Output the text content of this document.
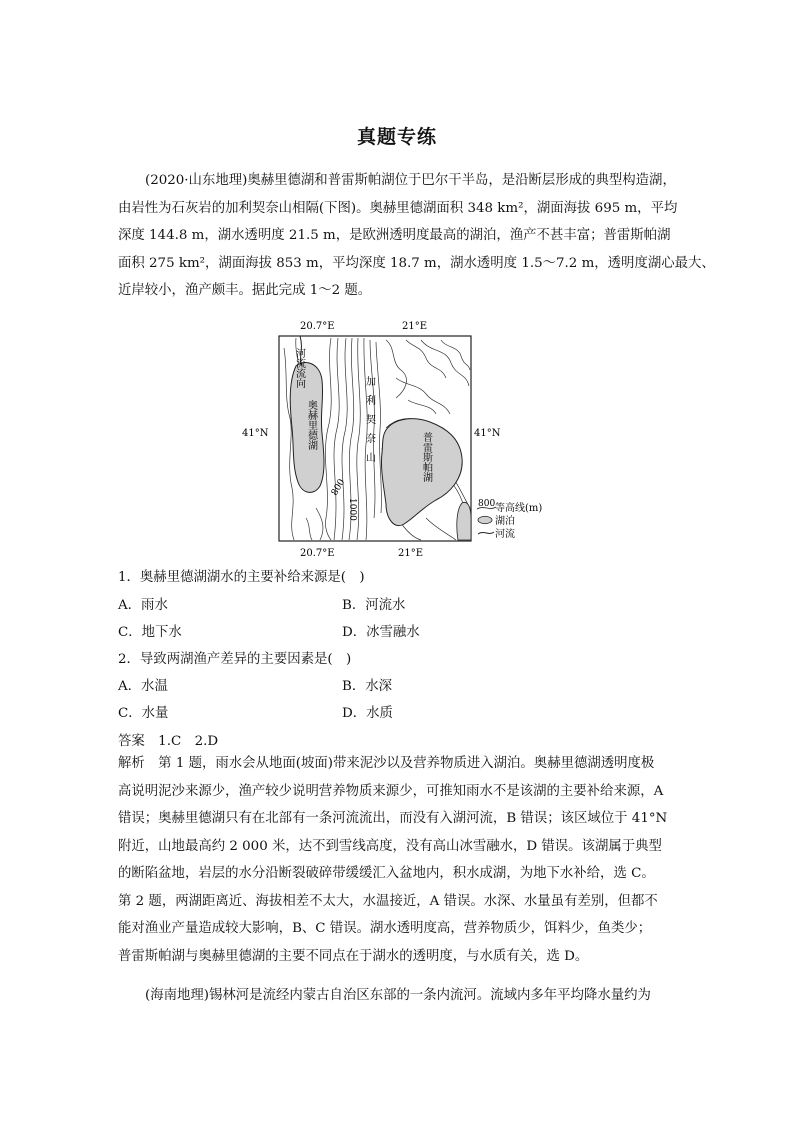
真题专练
(2020·山东地理)奥赫里德湖和普雷斯帕湖位于巴尔干半岛，是沿断层形成的典型构造湖，
由岩性为石灰岩的加利契奈山相隔(下图)。奥赫里德湖面积 348 km²，湖面海拔 695 m，平均
深度 144.8 m，湖水透明度 21.5 m，是欧洲透明度最高的湖泊，渔产不甚丰富；普雷斯帕湖
面积 275 km²，湖面海拔 853 m，平均深度 18.7 m，湖水透明度 1.5～7.2 m，透明度湖心最大、
近岸较小，渔产颇丰。据此完成 1～2 题。
20.7°E	21°E
河流流向
奥赫里德湖
普雷斯帕湖
加利契奈山
800
1000
41°N	41°N
20.7°E	21°E
800 等高线(m)
湖泊
河流
1．奥赫里德湖湖水的主要补给来源是(　)
A．雨水	B．河流水
C．地下水	D．冰雪融水
2．导致两湖渔产差异的主要因素是(　)
A．水温	B．水深
C．水量	D．水质
答案　1.C　2.D
解析　第 1 题，雨水会从地面(坡面)带来泥沙以及营养物质进入湖泊。奥赫里德湖透明度极
高说明泥沙来源少，渔产较少说明营养物质来源少，可推知雨水不是该湖的主要补给来源，A
错误；奥赫里德湖只有在北部有一条河流流出，而没有入湖河流，B 错误；该区域位于 41°N
附近，山地最高约 2 000 米，达不到雪线高度，没有高山冰雪融水，D 错误。该湖属于典型
的断陷盆地，岩层的水分沿断裂破碎带缓缓汇入盆地内，积水成湖，为地下水补给，选 C。
第 2 题，两湖距离近、海拔相差不太大，水温接近，A 错误。水深、水量虽有差别，但都不
能对渔业产量造成较大影响，B、C 错误。湖水透明度高，营养物质少，饵料少，鱼类少；
普雷斯帕湖与奥赫里德湖的主要不同点在于湖水的透明度，与水质有关，选 D。
(海南地理)锡林河是流经内蒙古自治区东部的一条内流河。流域内多年平均降水量约为
